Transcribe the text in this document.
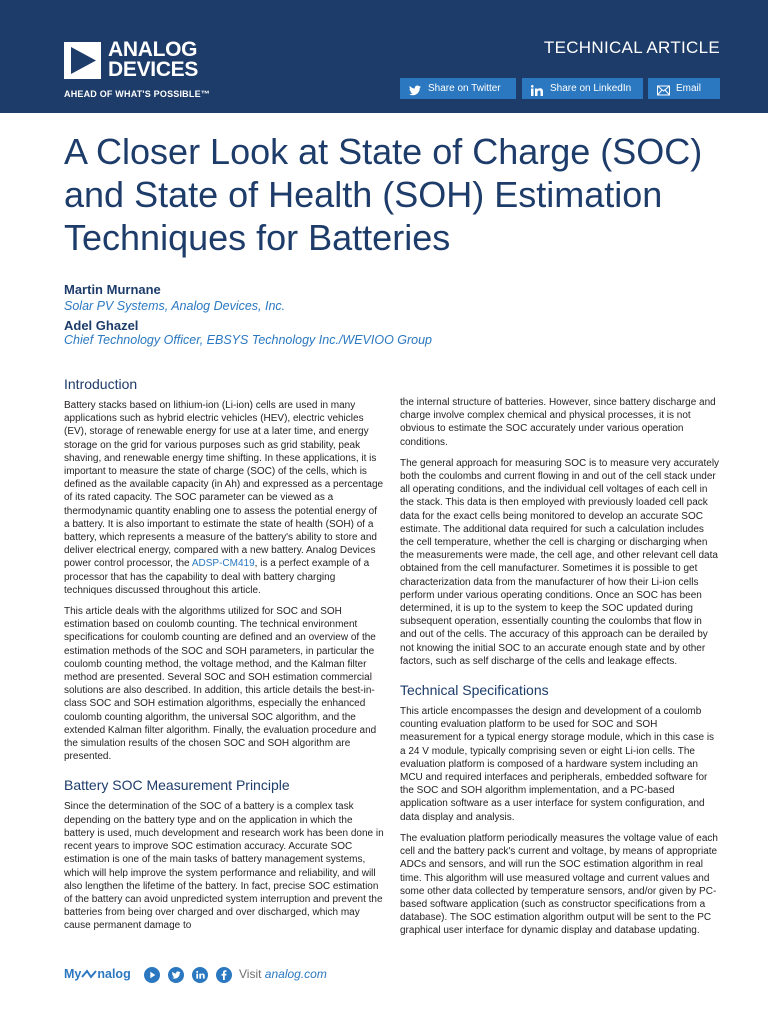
ANALOG
DEVICES
AHEAD OF WHAT'S POSSIBLE™
TECHNICAL ARTICLE
Share on Twitter	Share on LinkedIn	Email
A Closer Look at State of Charge (SOC) and State of Health (SOH) Estimation Techniques for Batteries
Martin Murnane
Solar PV Systems, Analog Devices, Inc.
Adel Ghazel
Chief Technology Officer, EBSYS Technology Inc./WEVIOO Group
Introduction

Battery stacks based on lithium-ion (Li-ion) cells are used in many applications such as hybrid electric vehicles (HEV), electric vehicles (EV), storage of renewable energy for use at a later time, and energy storage on the grid for various purposes such as grid stability, peak shaving, and renewable energy time shifting. In these applications, it is important to measure the state of charge (SOC) of the cells, which is defined as the available capacity (in Ah) and expressed as a percentage of its rated capacity. The SOC parameter can be viewed as a thermodynamic quantity enabling one to assess the potential energy of a battery. It is also important to estimate the state of health (SOH) of a battery, which represents a measure of the battery's ability to store and deliver electrical energy, compared with a new battery. Analog Devices power control processor, the ADSP-CM419, is a perfect example of a processor that has the capability to deal with battery charging techniques discussed throughout this article.

This article deals with the algorithms utilized for SOC and SOH estimation based on coulomb counting. The technical environment specifications for coulomb counting are defined and an overview of the estimation methods of the SOC and SOH parameters, in particular the coulomb counting method, the voltage method, and the Kalman filter method are presented. Several SOC and SOH estimation commercial solutions are also described. In addition, this article details the best-in-class SOC and SOH estimation algorithms, especially the enhanced coulomb counting algorithm, the universal SOC algorithm, and the extended Kalman filter algorithm. Finally, the evaluation procedure and the simulation results of the chosen SOC and SOH algorithm are presented.

Battery SOC Measurement Principle

Since the determination of the SOC of a battery is a complex task depending on the battery type and on the application in which the battery is used, much development and research work has been done in recent years to improve SOC estimation accuracy. Accurate SOC estimation is one of the main tasks of battery management systems, which will help improve the system performance and reliability, and will also lengthen the lifetime of the battery. In fact, precise SOC estimation of the battery can avoid unpredicted system interruption and prevent the batteries from being over charged and over discharged, which may cause permanent damage to

the internal structure of batteries. However, since battery discharge and charge involve complex chemical and physical processes, it is not obvious to estimate the SOC accurately under various operation conditions.

The general approach for measuring SOC is to measure very accurately both the coulombs and current flowing in and out of the cell stack under all operating conditions, and the individual cell voltages of each cell in the stack. This data is then employed with previously loaded cell pack data for the exact cells being monitored to develop an accurate SOC estimate. The additional data required for such a calculation includes the cell temperature, whether the cell is charging or discharging when the measurements were made, the cell age, and other relevant cell data obtained from the cell manufacturer. Sometimes it is possible to get characterization data from the manufacturer of how their Li-ion cells perform under various operating conditions. Once an SOC has been determined, it is up to the system to keep the SOC updated during subsequent operation, essentially counting the coulombs that flow in and out of the cells. The accuracy of this approach can be derailed by not knowing the initial SOC to an accurate enough state and by other factors, such as self discharge of the cells and leakage effects.

Technical Specifications

This article encompasses the design and development of a coulomb counting evaluation platform to be used for SOC and SOH measurement for a typical energy storage module, which in this case is a 24 V module, typically comprising seven or eight Li-ion cells. The evaluation platform is composed of a hardware system including an MCU and required interfaces and peripherals, embedded software for the SOC and SOH algorithm implementation, and a PC-based application software as a user interface for system configuration, and data display and analysis.

The evaluation platform periodically measures the voltage value of each cell and the battery pack's current and voltage, by means of appropriate ADCs and sensors, and will run the SOC estimation algorithm in real time. This algorithm will use measured voltage and current values and some other data collected by temperature sensors, and/or given by PC-based software application (such as constructor specifications from a database). The SOC estimation algorithm output will be sent to the PC graphical user interface for dynamic display and database updating.

My nalog	Visit analog.com
